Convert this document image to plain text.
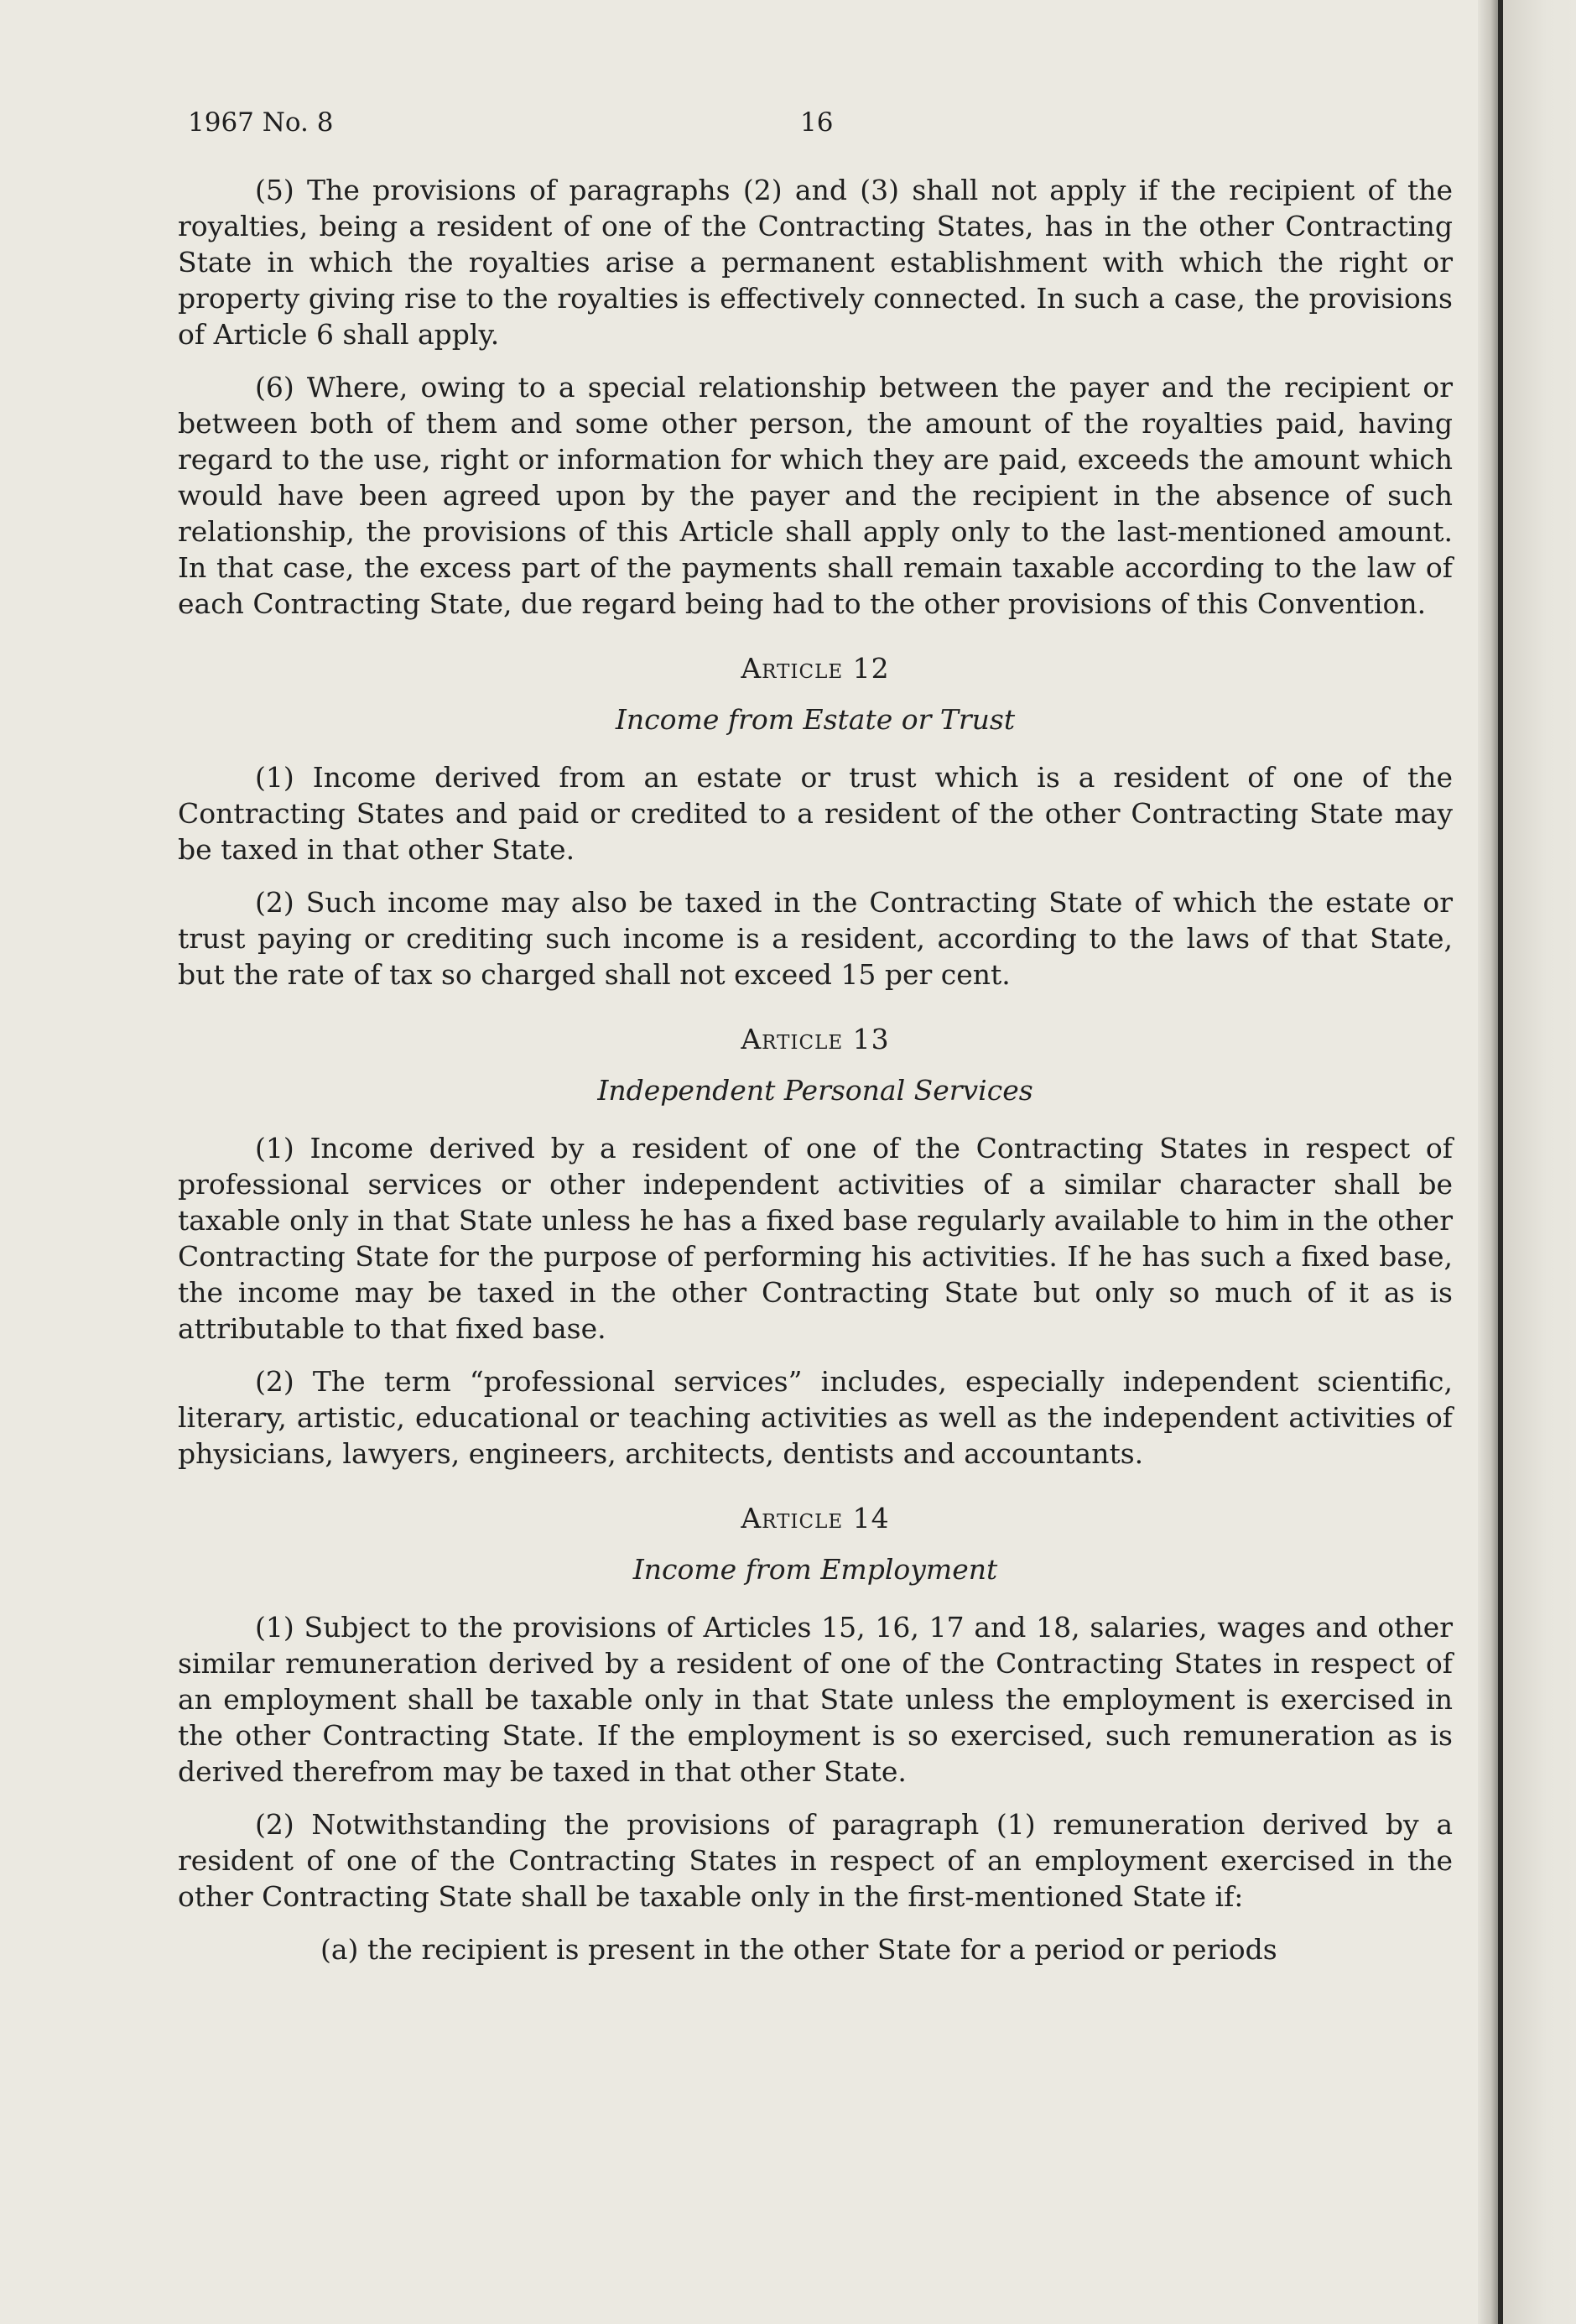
1967 No. 8	16

(5) The provisions of paragraphs (2) and (3) shall not apply if the recipient of the royalties, being a resident of one of the Contracting States, has in the other Contracting State in which the royalties arise a permanent establishment with which the right or property giving rise to the royalties is effectively connected. In such a case, the provisions of Article 6 shall apply.

(6) Where, owing to a special relationship between the payer and the recipient or between both of them and some other person, the amount of the royalties paid, having regard to the use, right or information for which they are paid, exceeds the amount which would have been agreed upon by the payer and the recipient in the absence of such relationship, the provisions of this Article shall apply only to the last-mentioned amount. In that case, the excess part of the payments shall remain taxable according to the law of each Contracting State, due regard being had to the other provisions of this Convention.

Article 12
Income from Estate or Trust

(1) Income derived from an estate or trust which is a resident of one of the Contracting States and paid or credited to a resident of the other Contracting State may be taxed in that other State.

(2) Such income may also be taxed in the Contracting State of which the estate or trust paying or crediting such income is a resident, according to the laws of that State, but the rate of tax so charged shall not exceed 15 per cent.

Article 13
Independent Personal Services

(1) Income derived by a resident of one of the Contracting States in respect of professional services or other independent activities of a similar character shall be taxable only in that State unless he has a fixed base regularly available to him in the other Contracting State for the purpose of performing his activities. If he has such a fixed base, the income may be taxed in the other Contracting State but only so much of it as is attributable to that fixed base.

(2) The term “professional services” includes, especially independent scientific, literary, artistic, educational or teaching activities as well as the independent activities of physicians, lawyers, engineers, architects, dentists and accountants.

Article 14
Income from Employment

(1) Subject to the provisions of Articles 15, 16, 17 and 18, salaries, wages and other similar remuneration derived by a resident of one of the Contracting States in respect of an employment shall be taxable only in that State unless the employment is exercised in the other Contracting State. If the employment is so exercised, such remuneration as is derived therefrom may be taxed in that other State.

(2) Notwithstanding the provisions of paragraph (1) remuneration derived by a resident of one of the Contracting States in respect of an employment exercised in the other Contracting State shall be taxable only in the first-mentioned State if:

(a) the recipient is present in the other State for a period or periods
